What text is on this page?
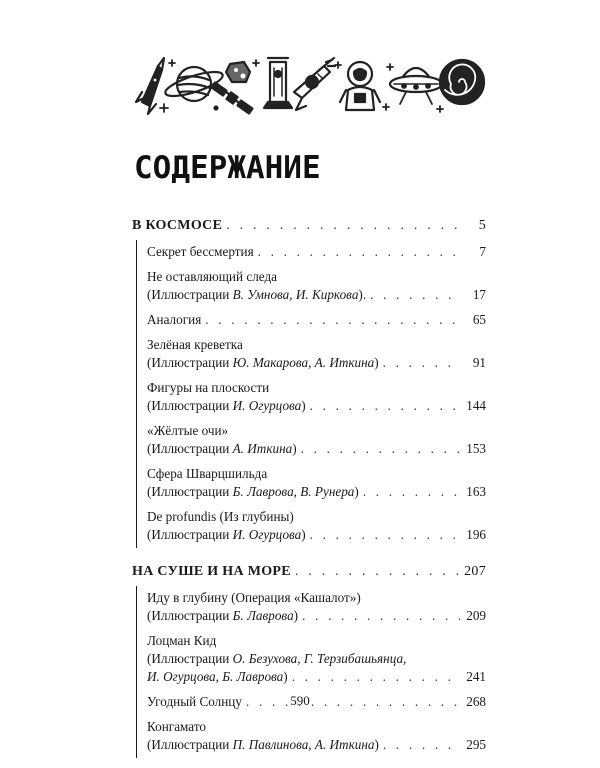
СОДЕРЖАНИЕ
В КОСМОСЕ . . .	5
Секрет бессмертия . . .	7
Не оставляющий следа
(Иллюстрации В. Умнова, И. Киркова). . . .	17
Аналогия . . .	65
Зелёная креветка
(Иллюстрации Ю. Макарова, А. Иткина) . . .	91
Фигуры на плоскости
(Иллюстрации И. Огурцова) . . .	144
«Жёлтые очи»
(Иллюстрации А. Иткина) . . .	153
Сфера Шварцшильда
(Иллюстрации Б. Лаврова, В. Рунера) . . .	163
De profundis (Из глубины)
(Иллюстрации И. Огурцова) . . .	196
НА СУШЕ И НА МОРЕ . . .	207
Иду в глубину (Операция «Кашалот»)
(Иллюстрации Б. Лаврова) . . .	209
Лоцман Кид
(Иллюстрации О. Безухова, Г. Терзибашьянца,
И. Огурцова, Б. Лаврова) . . .	241
Угодный Солнцу . . .	268
Конгамато
(Иллюстрации П. Павлинова, А. Иткина) . . .	295
590
